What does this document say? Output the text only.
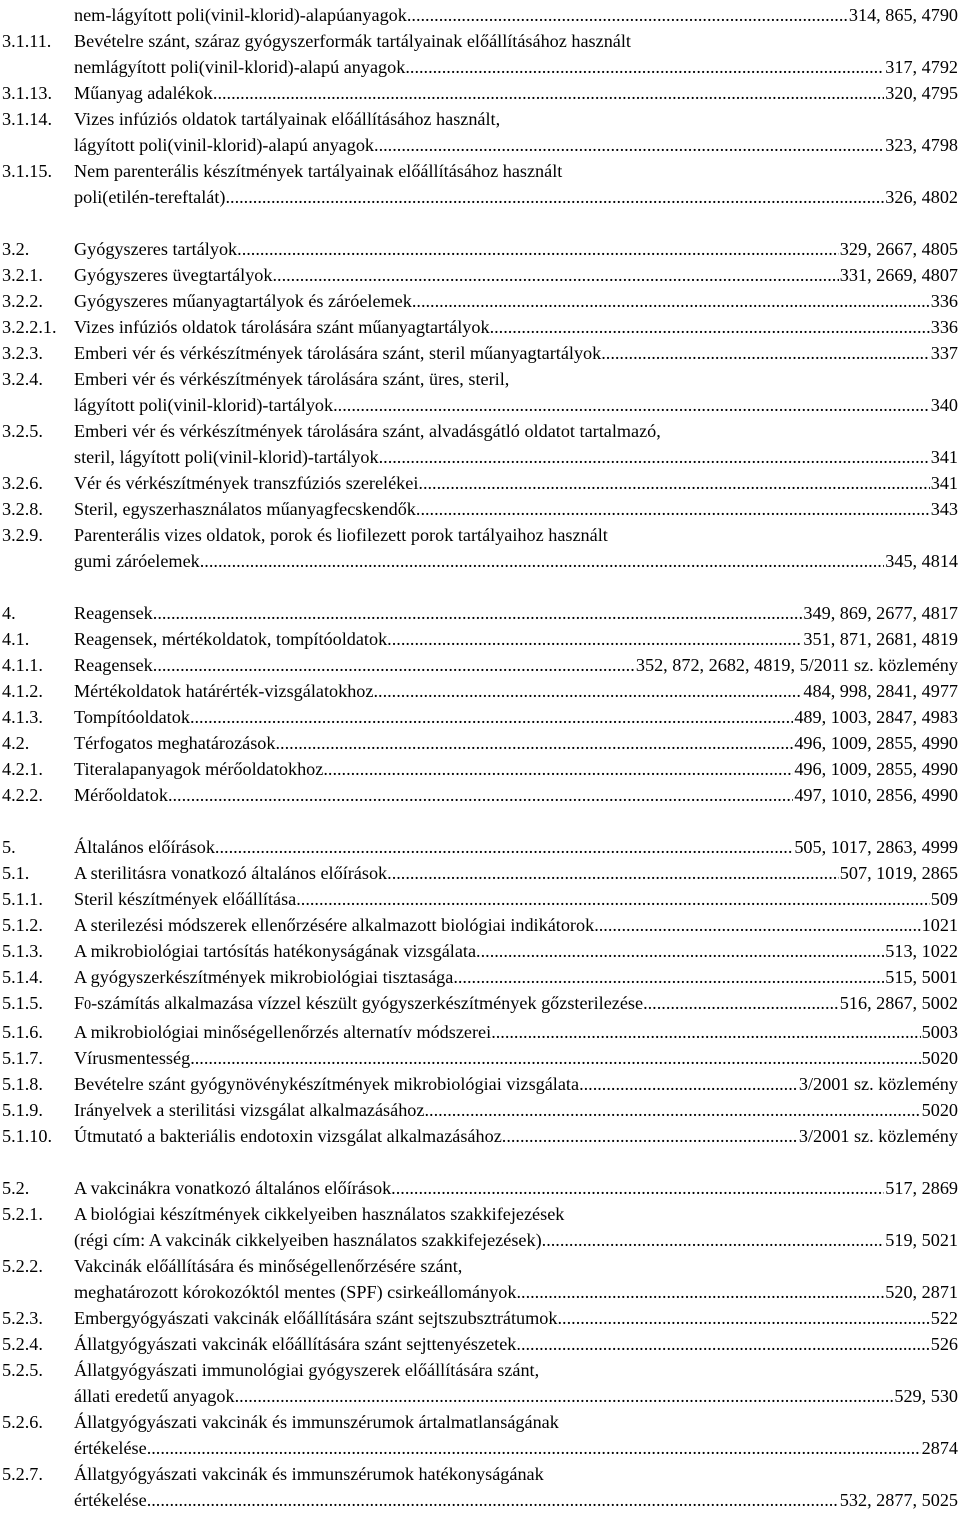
nem-lágyított poli(vinil-klorid)-alapúanyagok .....	314, 865, 4790
3.1.11.	Bevételre szánt, száraz gyógyszerformák tartályainak előállításához használt
nemlágyított poli(vinil-klorid)-alapú anyagok .....	317, 4792
3.1.13.	Műanyag adalékok .....	320, 4795
3.1.14.	Vizes infúziós oldatok tartályainak előállításához használt,
lágyított poli(vinil-klorid)-alapú anyagok .....	323, 4798
3.1.15.	Nem parenterális készítmények tartályainak előállításához használt
poli(etilén-tereftalát) .....	326, 4802
3.2.	Gyógyszeres tartályok .....	329, 2667, 4805
3.2.1.	Gyógyszeres üvegtartályok .....	331, 2669, 4807
3.2.2.	Gyógyszeres műanyagtartályok és záróelemek .....	336
3.2.2.1. Vizes infúziós oldatok tárolására szánt műanyagtartályok .....	336
3.2.3.	Emberi vér és vérkészítmények tárolására szánt, steril műanyagtartályok .....	337
3.2.4.	Emberi vér és vérkészítmények tárolására szánt, üres, steril,
lágyított poli(vinil-klorid)-tartályok .....	340
3.2.5.	Emberi vér és vérkészítmények tárolására szánt, alvadásgátló oldatot tartalmazó,
steril, lágyított poli(vinil-klorid)-tartályok .....	341
3.2.6.	Vér és vérkészítmények transzfúziós szerelékei .....	341
3.2.8.	Steril, egyszerhasználatos műanyagfecskendők .....	343
3.2.9.	Parenterális vizes oldatok, porok és liofilezett porok tartályaihoz használt
gumi záróelemek .....	345, 4814
4.	Reagensek .....	349, 869, 2677, 4817
4.1.	Reagensek, mértékoldatok, tompítóoldatok .....	351, 871, 2681, 4819
4.1.1.	Reagensek .....	352, 872, 2682, 4819, 5/2011 sz. közlemény
4.1.2.	Mértékoldatok határérték-vizsgálatokhoz .....	484, 998, 2841, 4977
4.1.3.	Tompítóoldatok .....	489, 1003, 2847, 4983
4.2.	Térfogatos meghatározások .....	496, 1009, 2855, 4990
4.2.1.	Titeralapanyagok mérőoldatokhoz .....	496, 1009, 2855, 4990
4.2.2.	Mérőoldatok .....	497, 1010, 2856, 4990
5.	Általános előírások .....	505, 1017, 2863, 4999
5.1.	A sterilitásra vonatkozó általános előírások .....	507, 1019, 2865
5.1.1.	Steril készítmények előállítása .....	509
5.1.2.	A sterilezési módszerek ellenőrzésére alkalmazott biológiai indikátorok .....	1021
5.1.3.	A mikrobiológiai tartósítás hatékonyságának vizsgálata .....	513, 1022
5.1.4.	A gyógyszerkészítmények mikrobiológiai tisztasága .....	515, 5001
5.1.5.	F 0 -számítás alkalmazása vízzel készült gyógyszerkészítmények gőzsterilezése .....	516, 2867, 5002
5.1.6.	A mikrobiológiai minőségellenőrzés alternatív módszerei .....	5003
5.1.7.	Vírusmentesség .....	5020
5.1.8.	Bevételre szánt gyógynövénykészítmények mikrobiológiai vizsgálata .....	3/2001 sz. közlemény
5.1.9.	Irányelvek a sterilitási vizsgálat alkalmazásához .....	5020
5.1.10.	Útmutató a bakteriális endotoxin vizsgálat alkalmazásához .....	3/2001 sz. közlemény
5.2.	A vakcinákra vonatkozó általános előírások .....	517, 2869
5.2.1.	A biológiai készítmények cikkelyeiben használatos szakkifejezések
(régi cím: A vakcinák cikkelyeiben használatos szakkifejezések) .....	519, 5021
5.2.2.	Vakcinák előállítására és minőségellenőrzésére szánt,
meghatározott kórokozóktól mentes (SPF) csirkeállományok .....	520, 2871
5.2.3.	Embergyógyászati vakcinák előállítására szánt sejtszubsztrátumok .....	522
5.2.4.	Állatgyógyászati vakcinák előállítására szánt sejttenyészetek .....	526
5.2.5.	Állatgyógyászati immunológiai gyógyszerek előállítására szánt,
állati eredetű anyagok .....	529, 530
5.2.6.	Állatgyógyászati vakcinák és immunszérumok ártalmatlanságának
értékelése .....	2874
5.2.7.	Állatgyógyászati vakcinák és immunszérumok hatékonyságának
értékelése .....	532, 2877, 5025
